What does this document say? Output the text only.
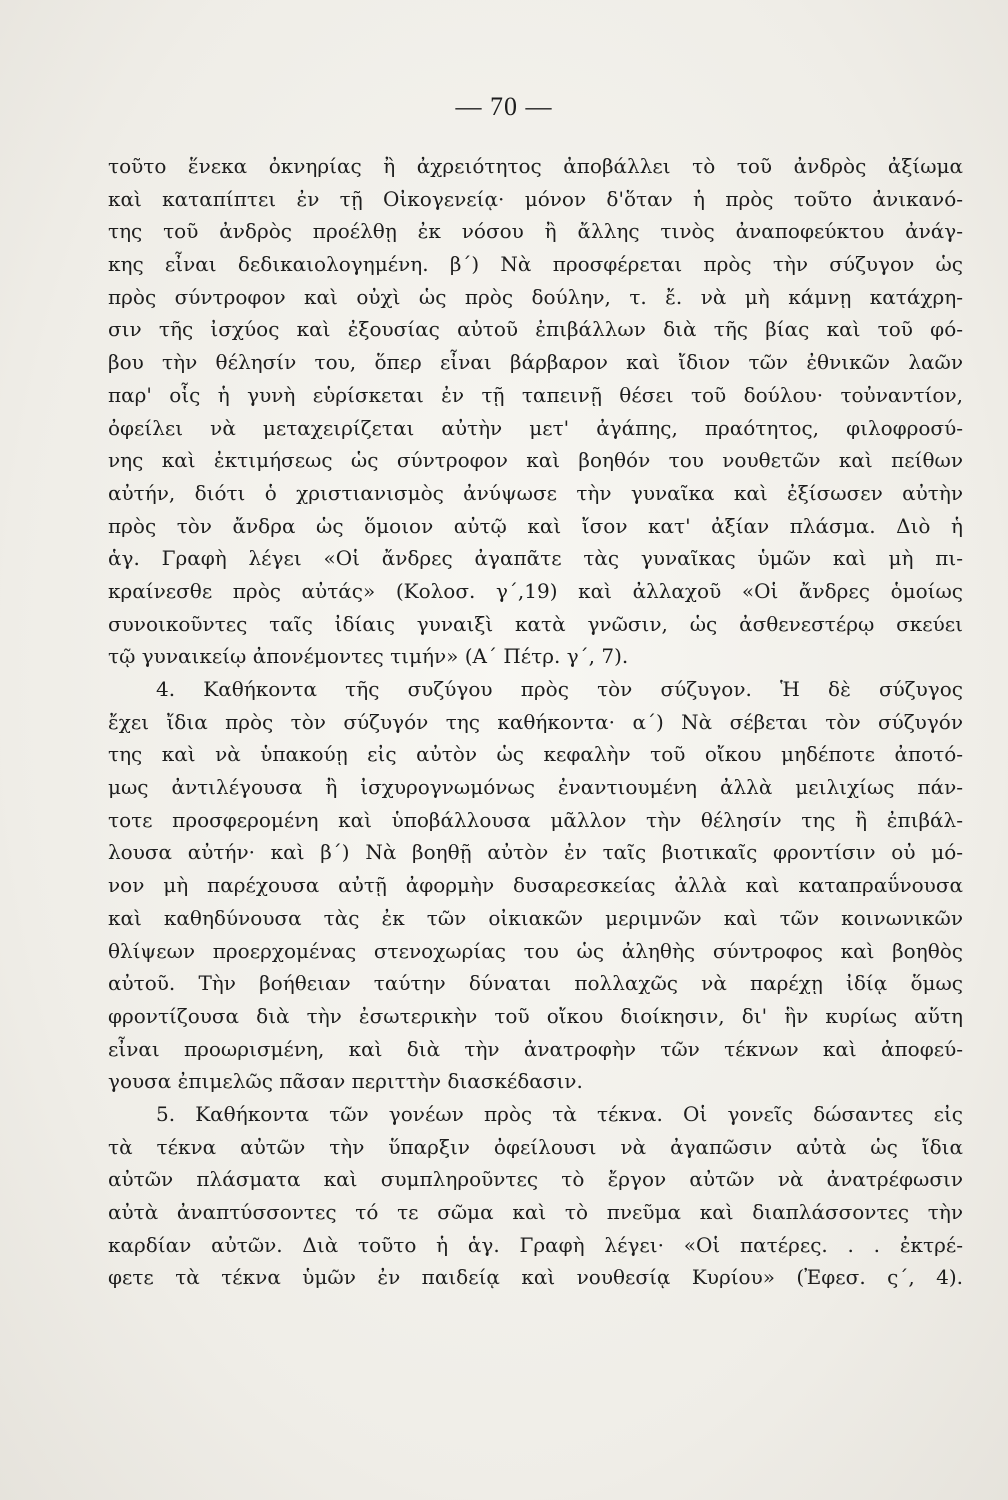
— 70 —
τοῦτο ἕνεκα ὀκνηρίας ἢ ἀχρειότητος ἀποβάλλει τὸ τοῦ ἀνδρὸς ἀξίωμα
καὶ καταπίπτει ἐν τῇ Οἰκογενείᾳ· μόνον δ'ὅταν ἡ πρὸς τοῦτο ἀνικανό-
της τοῦ ἀνδρὸς προέλθῃ ἐκ νόσου ἢ ἄλλης τινὸς ἀναποφεύκτου ἀνάγ-
κης εἶναι δεδικαιολογημένη. β΄) Νὰ προσφέρεται πρὸς τὴν σύζυγον ὡς
πρὸς σύντροφον καὶ οὐχὶ ὡς πρὸς δούλην, τ. ἔ. νὰ μὴ κάμνῃ κατάχρη-
σιν τῆς ἰσχύος καὶ ἐξουσίας αὐτοῦ ἐπιβάλλων διὰ τῆς βίας καὶ τοῦ φό-
βου τὴν θέλησίν του, ὅπερ εἶναι βάρβαρον καὶ ἴδιον τῶν ἐθνικῶν λαῶν
παρ' οἷς ἡ γυνὴ εὑρίσκεται ἐν τῇ ταπεινῇ θέσει τοῦ δούλου· τοὐναντίον,
ὀφείλει νὰ μεταχειρίζεται αὐτὴν μετ' ἀγάπης, πραότητος, φιλοφροσύ-
νης καὶ ἐκτιμήσεως ὡς σύντροφον καὶ βοηθόν του νουθετῶν καὶ πείθων
αὐτήν, διότι ὁ χριστιανισμὸς ἀνύψωσε τὴν γυναῖκα καὶ ἐξίσωσεν αὐτὴν
πρὸς τὸν ἄνδρα ὡς ὅμοιον αὐτῷ καὶ ἴσον κατ' ἀξίαν πλάσμα. Διὸ ἡ
ἁγ. Γραφὴ λέγει «Οἱ ἄνδρες ἀγαπᾶτε τὰς γυναῖκας ὑμῶν καὶ μὴ πι-
κραίνεσθε πρὸς αὐτάς» (Κολοσ. γ΄,19) καὶ ἀλλαχοῦ «Οἱ ἄνδρες ὁμοίως
συνοικοῦντες ταῖς ἰδίαις γυναιξὶ κατὰ γνῶσιν, ὡς ἀσθενεστέρῳ σκεύει
τῷ γυναικείῳ ἀπονέμοντες τιμήν» (Α΄ Πέτρ. γ΄, 7).
4. Καθήκοντα τῆς συζύγου πρὸς τὸν σύζυγον. Ἡ δὲ σύζυγος
ἔχει ἴδια πρὸς τὸν σύζυγόν της καθήκοντα· α΄) Νὰ σέβεται τὸν σύζυγόν
της καὶ νὰ ὑπακούῃ εἰς αὐτὸν ὡς κεφαλὴν τοῦ οἴκου μηδέποτε ἀποτό-
μως ἀντιλέγουσα ἢ ἰσχυρογνωμόνως ἐναντιουμένη ἀλλὰ μειλιχίως πάν-
τοτε προσφερομένη καὶ ὑποβάλλουσα μᾶλλον τὴν θέλησίν της ἢ ἐπιβάλ-
λουσα αὐτήν· καὶ β΄) Νὰ βοηθῇ αὐτὸν ἐν ταῖς βιοτικαῖς φροντίσιν οὐ μό-
νον μὴ παρέχουσα αὐτῇ ἀφορμὴν δυσαρεσκείας ἀλλὰ καὶ καταπραΰνουσα
καὶ καθηδύνουσα τὰς ἐκ τῶν οἰκιακῶν μεριμνῶν καὶ τῶν κοινωνικῶν
θλίψεων προερχομένας στενοχωρίας του ὡς ἀληθὴς σύντροφος καὶ βοηθὸς
αὐτοῦ. Τὴν βοήθειαν ταύτην δύναται πολλαχῶς νὰ παρέχῃ ἰδίᾳ ὅμως
φροντίζουσα διὰ τὴν ἐσωτερικὴν τοῦ οἴκου διοίκησιν, δι' ἣν κυρίως αὕτη
εἶναι προωρισμένη, καὶ διὰ τὴν ἀνατροφὴν τῶν τέκνων καὶ ἀποφεύ-
γουσα ἐπιμελῶς πᾶσαν περιττὴν διασκέδασιν.
5. Καθήκοντα τῶν γονέων πρὸς τὰ τέκνα. Οἱ γονεῖς δώσαντες εἰς
τὰ τέκνα αὐτῶν τὴν ὕπαρξιν ὀφείλουσι νὰ ἀγαπῶσιν αὐτὰ ὡς ἴδια
αὐτῶν πλάσματα καὶ συμπληροῦντες τὸ ἔργον αὐτῶν νὰ ἀνατρέφωσιν
αὐτὰ ἀναπτύσσοντες τό τε σῶμα καὶ τὸ πνεῦμα καὶ διαπλάσσοντες τὴν
καρδίαν αὐτῶν. Διὰ τοῦτο ἡ ἁγ. Γραφὴ λέγει· «Οἱ πατέρες. . . ἐκτρέ-
φετε τὰ τέκνα ὑμῶν ἐν παιδείᾳ καὶ νουθεσίᾳ Κυρίου» (Ἐφεσ. ς΄, 4).
